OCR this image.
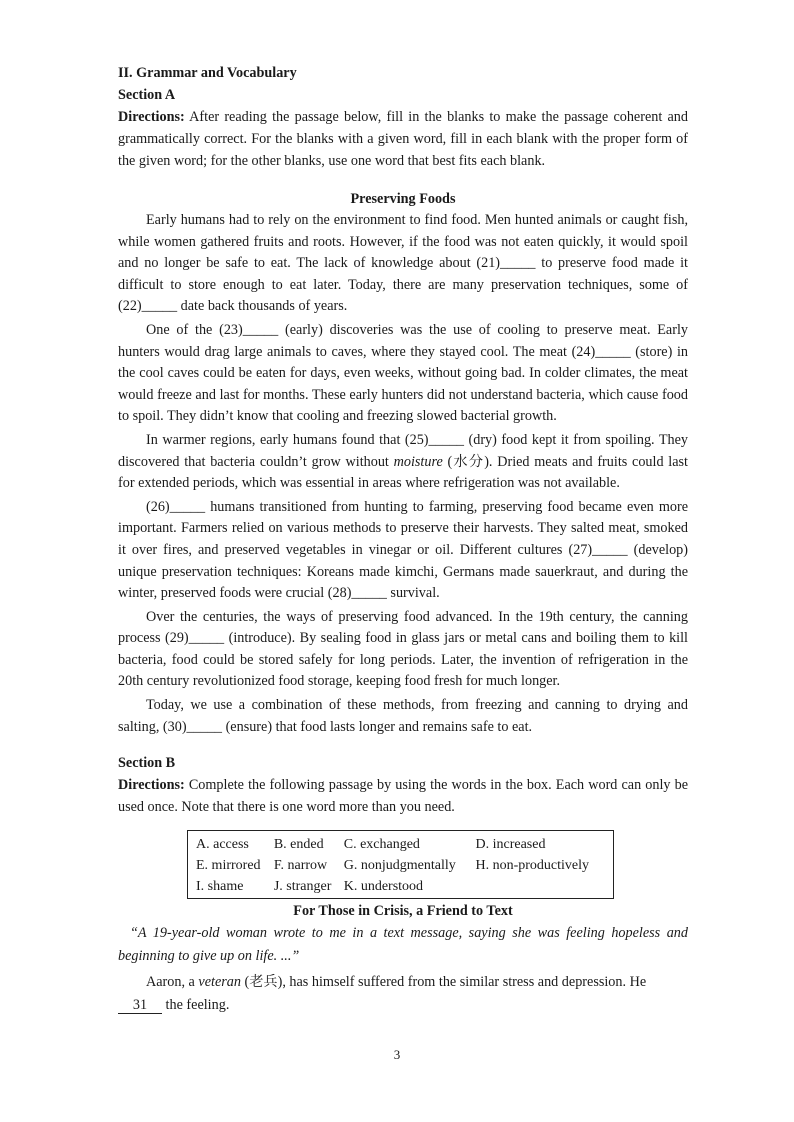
II. Grammar and Vocabulary
Section A
Directions: After reading the passage below, fill in the blanks to make the passage coherent and grammatically correct. For the blanks with a given word, fill in each blank with the proper form of the given word; for the other blanks, use one word that best fits each blank.
Preserving Foods

Early humans had to rely on the environment to find food. Men hunted animals or caught fish, while women gathered fruits and roots. However, if the food was not eaten quickly, it would spoil and no longer be safe to eat. The lack of knowledge about (21)_____ to preserve food made it difficult to store enough to eat later. Today, there are many preservation techniques, some of (22)_____ date back thousands of years.

One of the (23)_____ (early) discoveries was the use of cooling to preserve meat. Early hunters would drag large animals to caves, where they stayed cool. The meat (24)_____ (store) in the cool caves could be eaten for days, even weeks, without going bad. In colder climates, the meat would freeze and last for months. These early hunters did not understand bacteria, which cause food to spoil. They didn’t know that cooling and freezing slowed bacterial growth.

In warmer regions, early humans found that (25)_____ (dry) food kept it from spoiling. They discovered that bacteria couldn’t grow without moisture (水分). Dried meats and fruits could last for extended periods, which was essential in areas where refrigeration was not available.

(26)_____ humans transitioned from hunting to farming, preserving food became even more important. Farmers relied on various methods to preserve their harvests. They salted meat, smoked it over fires, and preserved vegetables in vinegar or oil. Different cultures (27)_____ (develop) unique preservation techniques: Koreans made kimchi, Germans made sauerkraut, and during the winter, preserved foods were crucial (28)_____ survival.

Over the centuries, the ways of preserving food advanced. In the 19th century, the canning process (29)_____ (introduce). By sealing food in glass jars or metal cans and boiling them to kill bacteria, food could be stored safely for long periods. Later, the invention of refrigeration in the 20th century revolutionized food storage, keeping food fresh for much longer.

Today, we use a combination of these methods, from freezing and canning to drying and salting, (30)_____ (ensure) that food lasts longer and remains safe to eat.

Section B
Directions: Complete the following passage by using the words in the box. Each word can only be used once. Note that there is one word more than you need.
A. access	B. ended	C. exchanged	D. increased
E. mirrored	F. narrow	G. nonjudgmentally	H. non-productively
I. shame	J. stranger	K. understood	
For Those in Crisis, a Friend to Text

“A 19-year-old woman wrote to me in a text message, saying she was feeling hopeless and beginning to give up on life. ...”

Aaron, a veteran (老兵), has himself suffered from the similar stress and depression. He

31 the feeling.

3
